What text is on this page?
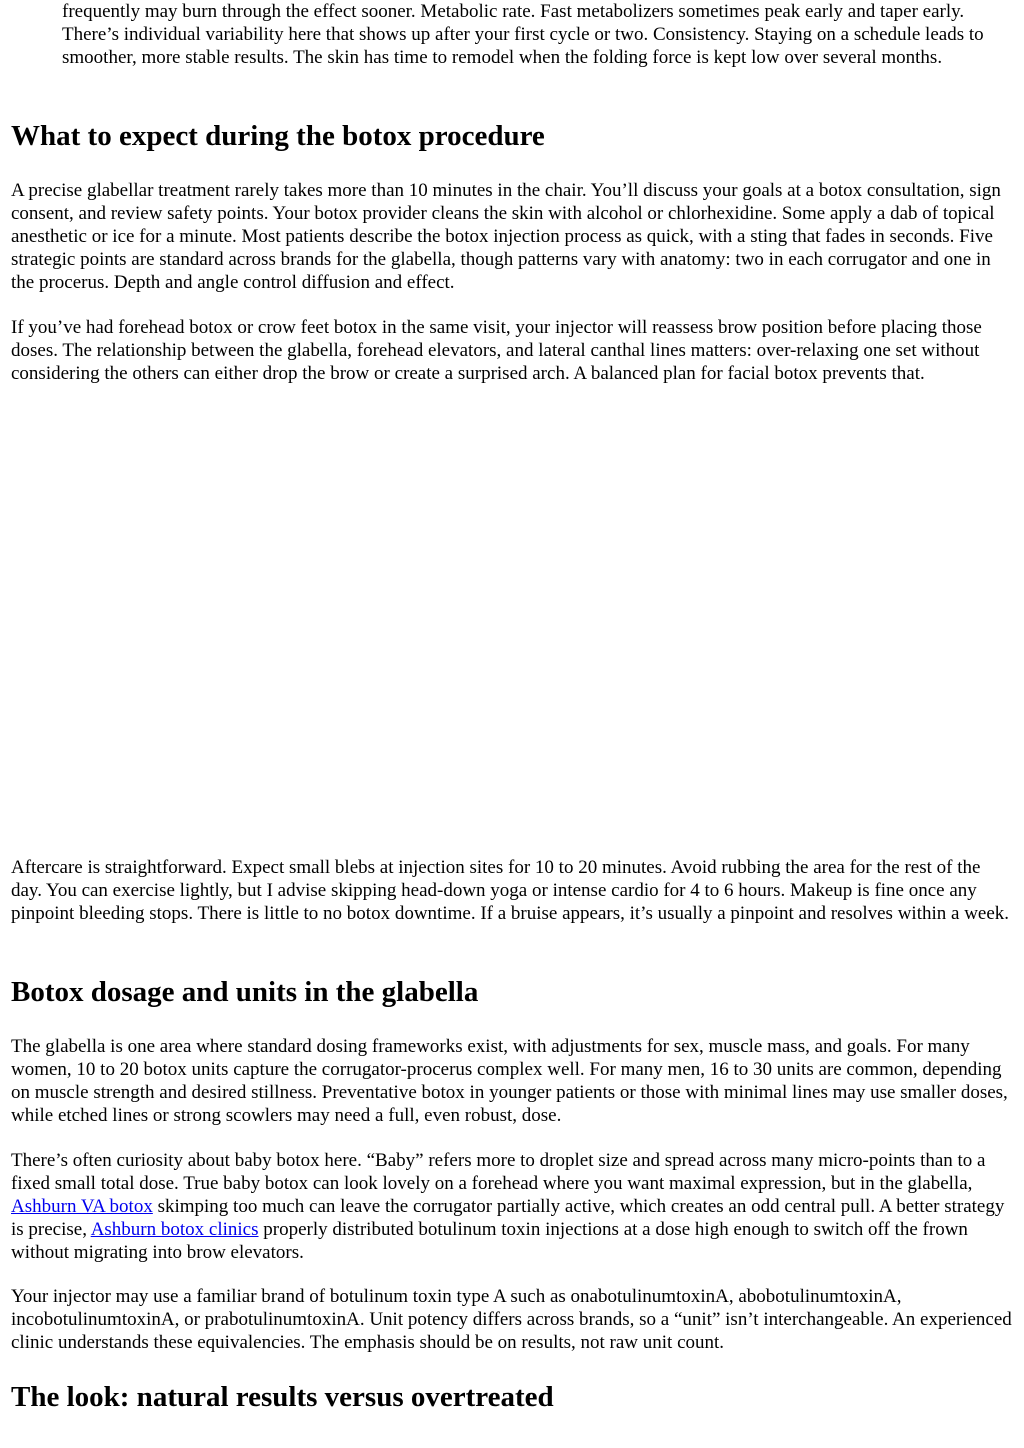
frequently may burn through the effect sooner. Metabolic rate. Fast metabolizers sometimes peak early and taper early. There’s individual variability here that shows up after your first cycle or two. Consistency. Staying on a schedule leads to smoother, more stable results. The skin has time to remodel when the folding force is kept low over several months.

What to expect during the botox procedure

A precise glabellar treatment rarely takes more than 10 minutes in the chair. You’ll discuss your goals at a botox consultation, sign consent, and review safety points. Your botox provider cleans the skin with alcohol or chlorhexidine. Some apply a dab of topical anesthetic or ice for a minute. Most patients describe the botox injection process as quick, with a sting that fades in seconds. Five strategic points are standard across brands for the glabella, though patterns vary with anatomy: two in each corrugator and one in the procerus. Depth and angle control diffusion and effect.

If you’ve had forehead botox or crow feet botox in the same visit, your injector will reassess brow position before placing those doses. The relationship between the glabella, forehead elevators, and lateral canthal lines matters: over-relaxing one set without considering the others can either drop the brow or create a surprised arch. A balanced plan for facial botox prevents that.

Aftercare is straightforward. Expect small blebs at injection sites for 10 to 20 minutes. Avoid rubbing the area for the rest of the day. You can exercise lightly, but I advise skipping head-down yoga or intense cardio for 4 to 6 hours. Makeup is fine once any pinpoint bleeding stops. There is little to no botox downtime. If a bruise appears, it’s usually a pinpoint and resolves within a week.

Botox dosage and units in the glabella

The glabella is one area where standard dosing frameworks exist, with adjustments for sex, muscle mass, and goals. For many women, 10 to 20 botox units capture the corrugator-procerus complex well. For many men, 16 to 30 units are common, depending on muscle strength and desired stillness. Preventative botox in younger patients or those with minimal lines may use smaller doses, while etched lines or strong scowlers may need a full, even robust, dose.

There’s often curiosity about baby botox here. “Baby” refers more to droplet size and spread across many micro-points than to a fixed small total dose. True baby botox can look lovely on a forehead where you want maximal expression, but in the glabella, Ashburn VA botox skimping too much can leave the corrugator partially active, which creates an odd central pull. A better strategy is precise, Ashburn botox clinics properly distributed botulinum toxin injections at a dose high enough to switch off the frown without migrating into brow elevators.

Your injector may use a familiar brand of botulinum toxin type A such as onabotulinumtoxinA, abobotulinumtoxinA, incobotulinumtoxinA, or prabotulinumtoxinA. Unit potency differs across brands, so a “unit” isn’t interchangeable. An experienced clinic understands these equivalencies. The emphasis should be on results, not raw unit count.

The look: natural results versus overtreated
